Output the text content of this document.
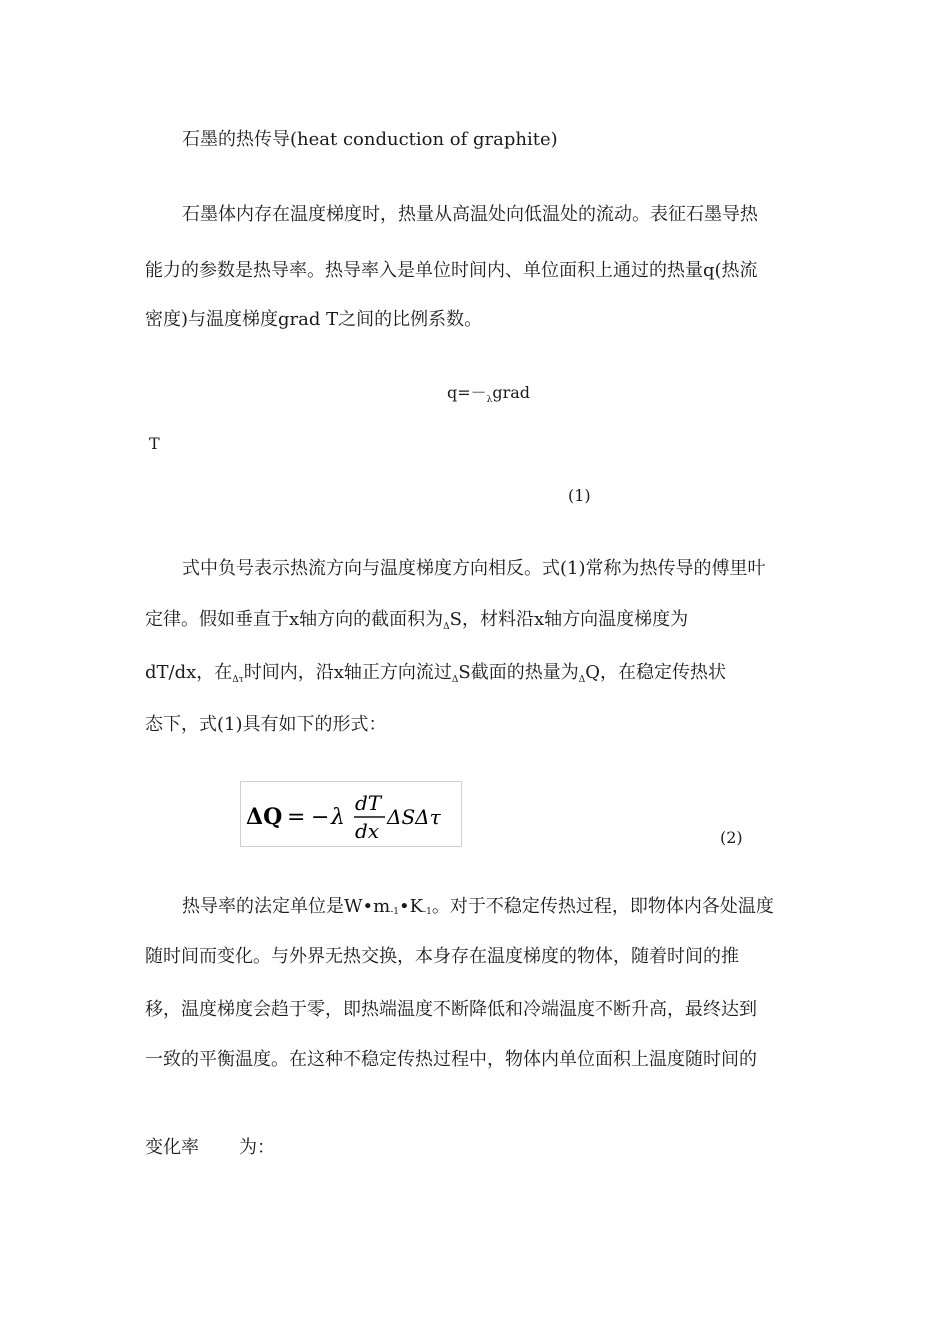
石墨的热传导(heat conduction of graphite)
石墨体内存在温度梯度时，热量从高温处向低温处的流动。表征石墨导热
能力的参数是热导率。热导率入是单位时间内、单位面积上通过的热量q(热流
密度)与温度梯度grad T之间的比例系数。
$q=-_\lambda grad$
T
(1)
式中负号表示热流方向与温度梯度方向相反。式(1)常称为热传导的傅里叶
定律。假如垂直于x轴方向的截面积为$_\Delta$S，材料沿x轴方向温度梯度为
dT/dx，在$_{\Delta\tau}$时间内，沿x轴正方向流过$_\Delta$S截面的热量为$_\Delta$Q，在稳定传热状
态下，式(1)具有如下的形式：
ΔQ = − λ
dT
dx
ΔSΔτ
(2)
热导率的法定单位是W•m-1•K-1。对于不稳定传热过程，即物体内各处温度
随时间而变化。与外界无热交换，本身存在温度梯度的物体，随着时间的推
移，温度梯度会趋于零，即热端温度不断降低和冷端温度不断升高，最终达到
一致的平衡温度。在这种不稳定传热过程中，物体内单位面积上温度随时间的
变化率 为：
